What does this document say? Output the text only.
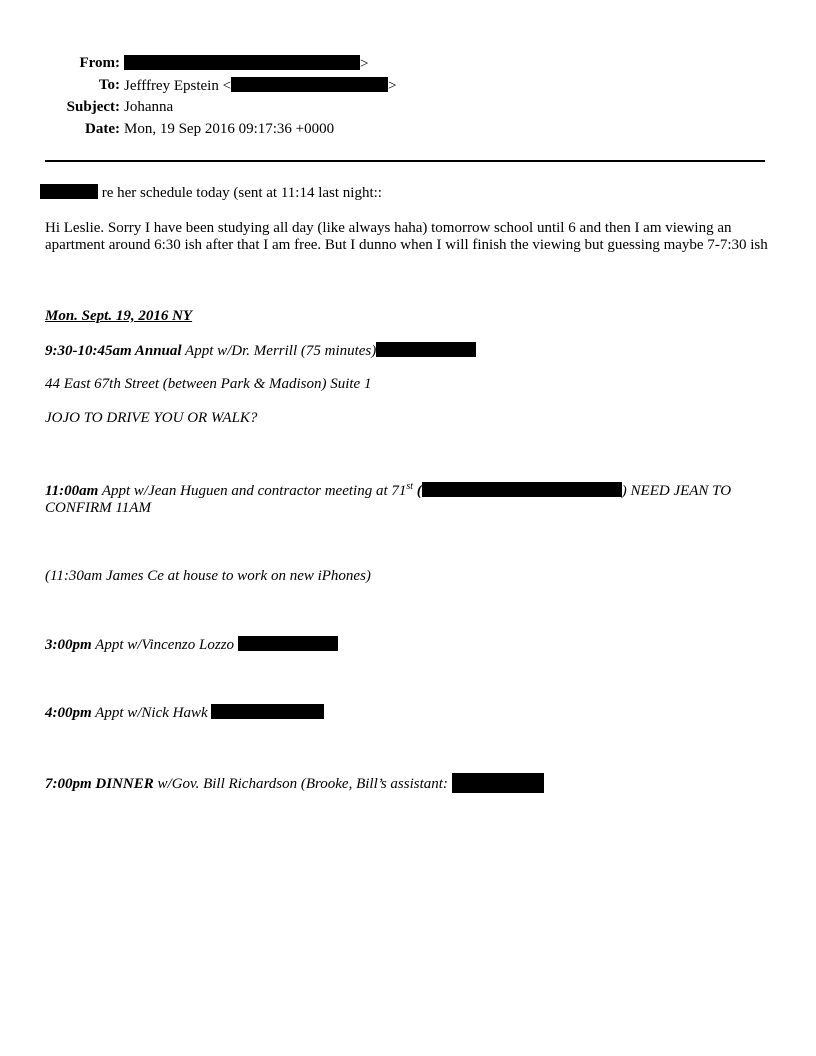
From:	>
To: Jefffrey Epstein <	>
Subject: Johanna
Date: Mon, 19 Sep 2016 09:17:36 +0000
re her schedule today (sent at 11:14 last night::
Hi Leslie. Sorry I have been studying all day (like always haha) tomorrow school until 6 and then I am viewing an apartment around 6:30 ish after that I am free. But I dunno when I will finish the viewing but guessing maybe 7-7:30 ish
Mon. Sept. 19, 2016 NY
9:30-10:45am Annual Appt w/Dr. Merrill (75 minutes)
44 East 67th Street (between Park & Madison) Suite 1
JOJO TO DRIVE YOU OR WALK?
11:00am Appt w/Jean Huguen and contractor meeting at 71st (	) NEED JEAN TO CONFIRM 11AM
(11:30am James Ce at house to work on new iPhones)
3:00pm Appt w/Vincenzo Lozzo
4:00pm Appt w/Nick Hawk
7:00pm DINNER w/Gov. Bill Richardson (Brooke, Bill’s assistant:
